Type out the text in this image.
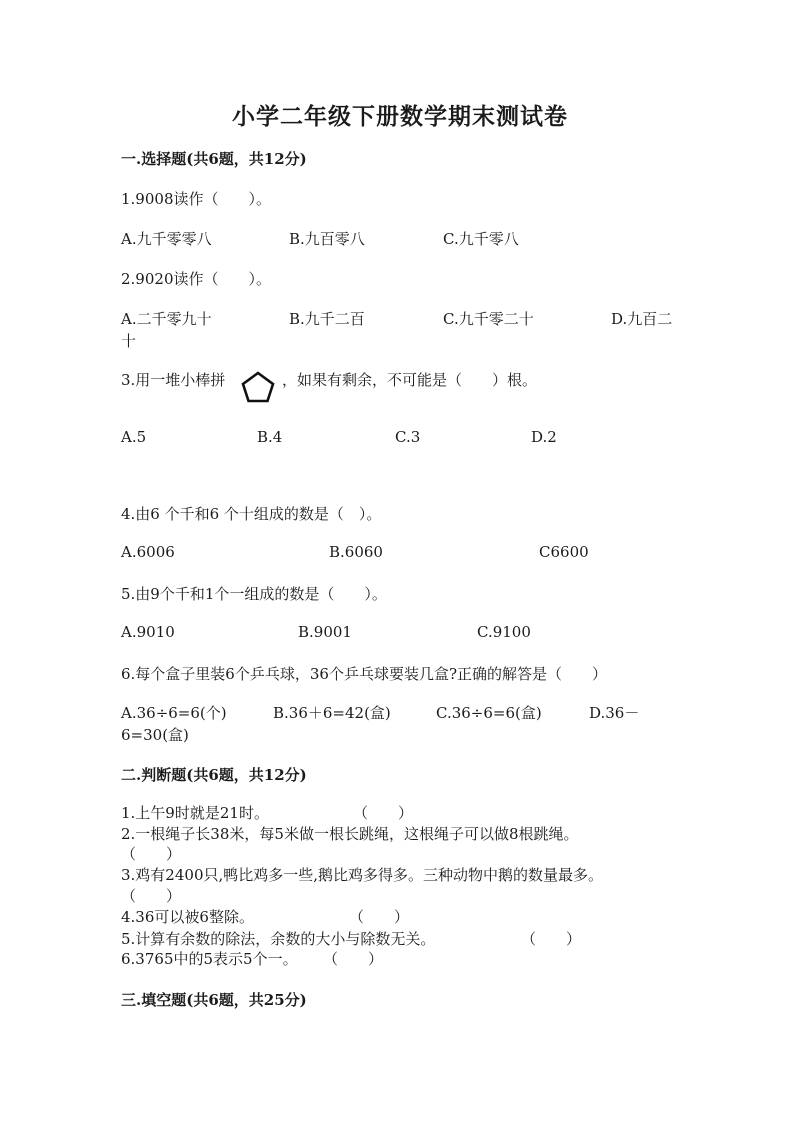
小学二年级下册数学期末测试卷
一.选择题(共6题，共12分)
1.9008读作（　　）。
A.九千零零八	B.九百零八	C.九千零八
2.9020读作（　　）。
A.二千零九十	B.九千二百	C.九千零二十	D.九百二
十
3.用一堆小棒拼	，如果有剩余，不可能是（　　）根。
A.5	B.4	C.3	D.2
4.由6 个千和6 个十组成的数是（　）。
A.6006	B.6060	C6600
5.由9个千和1个一组成的数是（　　）。
A.9010	B.9001	C.9100
6.每个盒子里装6个乒乓球，36个乒乓球要装几盒?正确的解答是（　　）
A.36÷6=6(个)	B.36＋6=42(盒)	C.36÷6=6(盒)	D.36－
6=30(盒)
二.判断题(共6题，共12分)
1.上午9时就是21时。	（　　）
2.一根绳子长38米，每5米做一根长跳绳，这根绳子可以做8根跳绳。
（　　）
3.鸡有2400只,鸭比鸡多一些,鹅比鸡多得多。三种动物中鹅的数量最多。
（　　）
4.36可以被6整除。	（　　）
5.计算有余数的除法，余数的大小与除数无关。	（　　）
6.3765中的5表示5个一。 （　　）
三.填空题(共6题，共25分)
